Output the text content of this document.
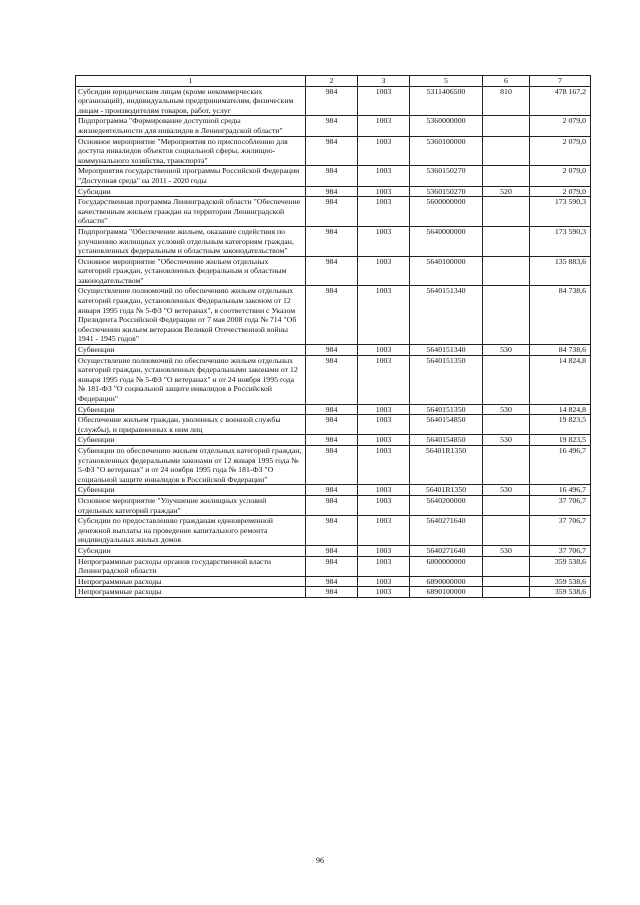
1	2	3	5	6	7
Субсидии юридическим лицам (кроме некоммерческих организаций), индивидуальным предпринимателям, физическим лицам - производителям товаров, работ, услуг	984	1003	5311406500	810	478 167,2
Подпрограмма "Формирование доступной среды жизнедеятельности для инвалидов в Ленинградской области"	984	1003	5360000000		2 079,0
Основное мероприятие "Мероприятия по приспособлению для доступа инвалидов объектов социальной сферы, жилищно-коммунального хозяйства, транспорта"	984	1003	5360100000		2 079,0
Мероприятия государственной программы Российской Федерации "Доступная среда" на 2011 - 2020 годы	984	1003	5360150270		2 079,0
Субсидии	984	1003	5360150270	520	2 079,0
Государственная программа Ленинградской области "Обеспечение качественным жильем граждан на территории Ленинградской области"	984	1003	5600000000		173 590,3
Подпрограмма "Обеспечение жильем, оказание содействия по улучшению жилищных условий отдельным категориям граждан, установленных федеральным и областным законодательством"	984	1003	5640000000		173 590,3
Основное мероприятие "Обеспечение жильем отдельных категорий граждан, установленных федеральным и областным законодательством"	984	1003	5640100000		135 883,6
Осуществление полномочий по обеспечению жильем отдельных категорий граждан, установленных Федеральным законом от 12 января 1995 года № 5-ФЗ "О ветеранах", в соответствии с Указом Президента Российской Федерации от 7 мая 2008 года № 714 "Об обеспечении жильем ветеранов Великой Отечественной войны 1941 - 1945 годов"	984	1003	5640151340		84 738,6
Субвенции	984	1003	5640151340	530	84 738,6
Осуществление полномочий по обеспечению жильем отдельных категорий граждан, установленных федеральными законами от 12 января 1995 года № 5-ФЗ "О ветеранах" и от 24 ноября 1995 года № 181-ФЗ "О социальной защите инвалидов в Российской Федерации"	984	1003	5640151350		14 824,8
Субвенции	984	1003	5640151350	530	14 824,8
Обеспечение жильем граждан, уволенных с военной службы (службы), и приравненных к ним лиц	984	1003	5640154850		19 823,5
Субвенции	984	1003	5640154850	530	19 823,5
Субвенции по обеспечению жильем отдельных категорий граждан, установленных федеральными законами от 12 января 1995 года № 5-ФЗ "О ветеранах" и от 24 ноября 1995 года № 181-ФЗ "О социальной защите инвалидов в Российской Федерации"	984	1003	56401R1350		16 496,7
Субвенции	984	1003	56401R1350	530	16 496,7
Основное мероприятие "Улучшение жилищных условий отдельных категорий граждан"	984	1003	5640200000		37 706,7
Субсидии по предоставлению гражданам единовременной денежной выплаты на проведение капитального ремонта индивидуальных жилых домов	984	1003	5640271640		37 706,7
Субсидии	984	1003	5640271640	530	37 706,7
Непрограммные расходы органов государственной власти Ленинградской области	984	1003	6800000000		359 538,6
Непрограммные расходы	984	1003	6890000000		359 538,6
Непрограммные расходы	984	1003	6890100000		359 538,6
96
